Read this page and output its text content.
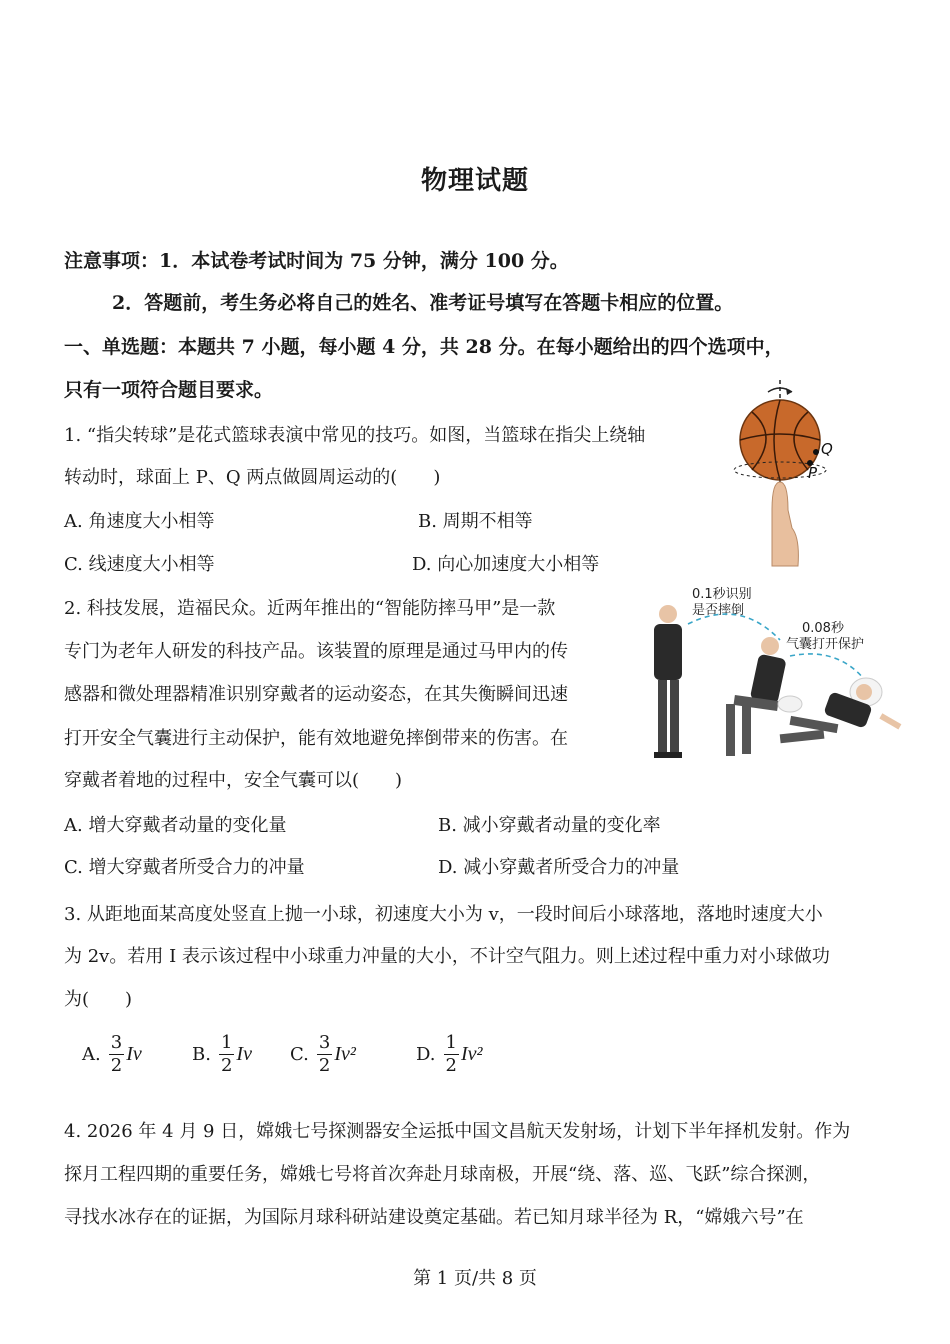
物理试题
注意事项：1．本试卷考试时间为 75 分钟，满分 100 分。
2．答题前，考生务必将自己的姓名、准考证号填写在答题卡相应的位置。
一、单选题：本题共 7 小题，每小题 4 分，共 28 分。在每小题给出的四个选项中，
只有一项符合题目要求。
1. “指尖转球”是花式篮球表演中常见的技巧。如图，当篮球在指尖上绕轴
转动时，球面上 P、Q 两点做圆周运动的(　　)
A. 角速度大小相等	B. 周期不相等
C. 线速度大小相等	D. 向心加速度大小相等
Q
P
2. 科技发展，造福民众。近两年推出的“智能防摔马甲”是一款
专门为老年人研发的科技产品。该装置的原理是通过马甲内的传
感器和微处理器精准识别穿戴者的运动姿态，在其失衡瞬间迅速
打开安全气囊进行主动保护，能有效地避免摔倒带来的伤害。在
穿戴者着地的过程中，安全气囊可以(　　)
A. 增大穿戴者动量的变化量	B. 减小穿戴者动量的变化率
C. 增大穿戴者所受合力的冲量	D. 减小穿戴者所受合力的冲量
0.1秒识别
是否摔倒
0.08秒
气囊打开保护
3. 从距地面某高度处竖直上抛一小球，初速度大小为 v，一段时间后小球落地，落地时速度大小
为 2v。若用 I 表示该过程中小球重力冲量的大小，不计空气阻力。则上述过程中重力对小球做功
为(　　)
A. $\frac{3}{2}$ Iv	B. $\frac{1}{2}$ Iv C. $\frac{3}{2} Iv^2$	D. $\frac{1}{2} Iv^2$
4. 2026 年 4 月 9 日，嫦娥七号探测器安全运抵中国文昌航天发射场，计划下半年择机发射。作为
探月工程四期的重要任务，嫦娥七号将首次奔赴月球南极，开展“绕、落、巡、飞跃”综合探测，
寻找水冰存在的证据，为国际月球科研站建设奠定基础。若已知月球半径为 R，“嫦娥六号”在
第 1 页/共 8 页
